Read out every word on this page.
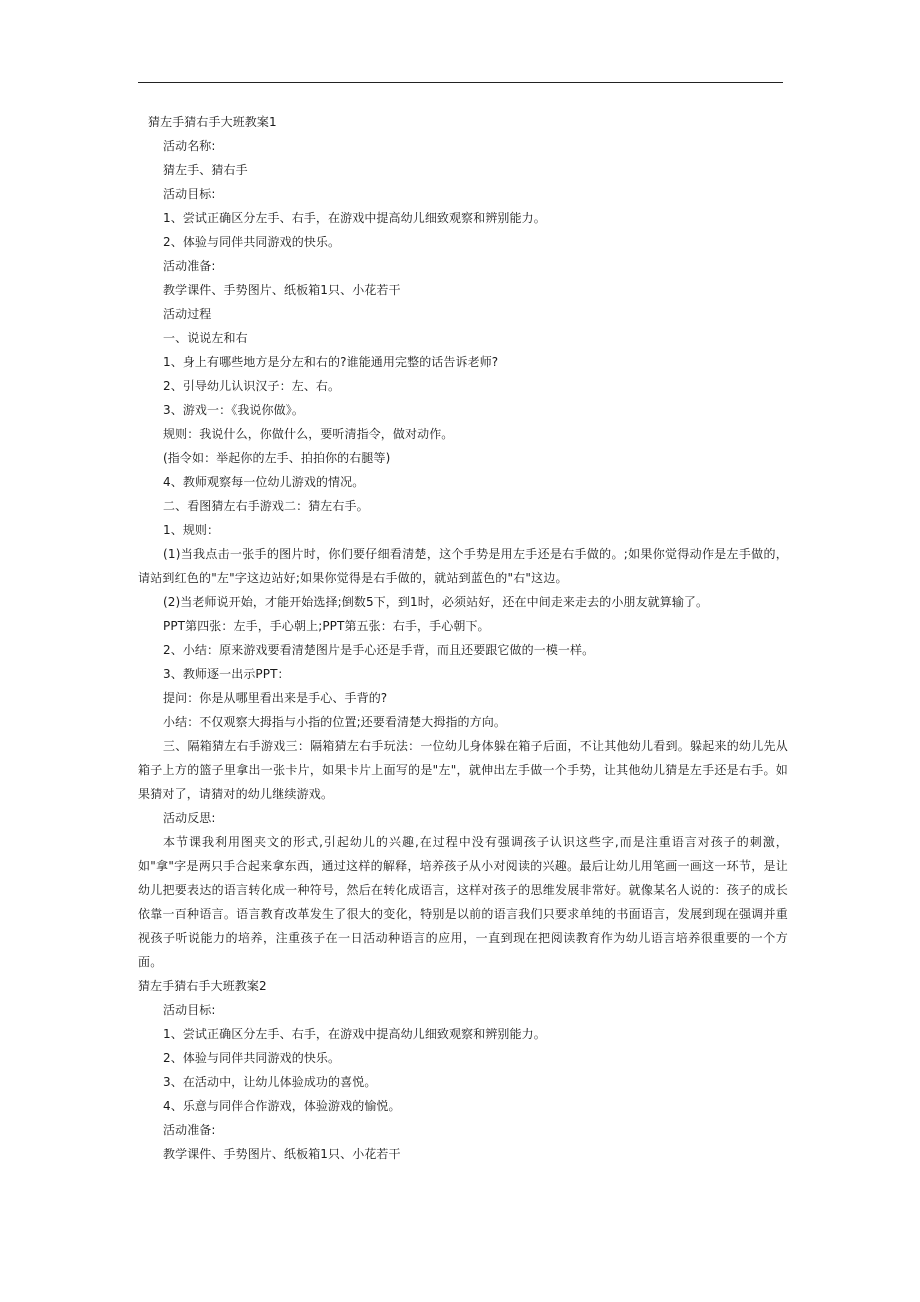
猜左手猜右手大班教案1
活动名称:
猜左手、猜右手
活动目标:
1、尝试正确区分左手、右手，在游戏中提高幼儿细致观察和辨别能力。
2、体验与同伴共同游戏的快乐。
活动准备:
教学课件、手势图片、纸板箱1只、小花若干
活动过程
一、说说左和右
1、身上有哪些地方是分左和右的?谁能通用完整的话告诉老师?
2、引导幼儿认识汉子：左、右。
3、游戏一：《我说你做》。
规则：我说什么，你做什么，要听清指令，做对动作。
(指令如：举起你的左手、拍拍你的右腿等)
4、教师观察每一位幼儿游戏的情况。
二、看图猜左右手游戏二：猜左右手。
1、规则：
(1)当我点击一张手的图片时，你们要仔细看清楚，这个手势是用左手还是右手做的。;如果你觉得动作是左手做的，请站到红色的"左"字这边站好;如果你觉得是右手做的，就站到蓝色的"右"这边。
(2)当老师说开始，才能开始选择;倒数5下，到1时，必须站好，还在中间走来走去的小朋友就算输了。
PPT第四张：左手，手心朝上;PPT第五张：右手，手心朝下。
2、小结：原来游戏要看清楚图片是手心还是手背，而且还要跟它做的一模一样。
3、教师逐一出示PPT：
提问：你是从哪里看出来是手心、手背的?
小结：不仅观察大拇指与小指的位置;还要看清楚大拇指的方向。
三、隔箱猜左右手游戏三：隔箱猜左右手玩法：一位幼儿身体躲在箱子后面，不让其他幼儿看到。躲起来的幼儿先从箱子上方的篮子里拿出一张卡片，如果卡片上面写的是"左"，就伸出左手做一个手势，让其他幼儿猜是左手还是右手。如果猜对了，请猜对的幼儿继续游戏。
活动反思:
本节课我利用图夹文的形式,引起幼儿的兴趣,在过程中没有强调孩子认识这些字,而是注重语言对孩子的刺激，如"拿"字是两只手合起来拿东西，通过这样的解释，培养孩子从小对阅读的兴趣。最后让幼儿用笔画一画这一环节，是让幼儿把要表达的语言转化成一种符号，然后在转化成语言，这样对孩子的思维发展非常好。就像某名人说的：孩子的成长依靠一百种语言。语言教育改革发生了很大的变化，特别是以前的语言我们只要求单纯的书面语言，发展到现在强调并重视孩子听说能力的培养，注重孩子在一日活动种语言的应用，一直到现在把阅读教育作为幼儿语言培养很重要的一个方面。
猜左手猜右手大班教案2
活动目标:
1、尝试正确区分左手、右手，在游戏中提高幼儿细致观察和辨别能力。
2、体验与同伴共同游戏的快乐。
3、在活动中，让幼儿体验成功的喜悦。
4、乐意与同伴合作游戏，体验游戏的愉悦。
活动准备:
教学课件、手势图片、纸板箱1只、小花若干
